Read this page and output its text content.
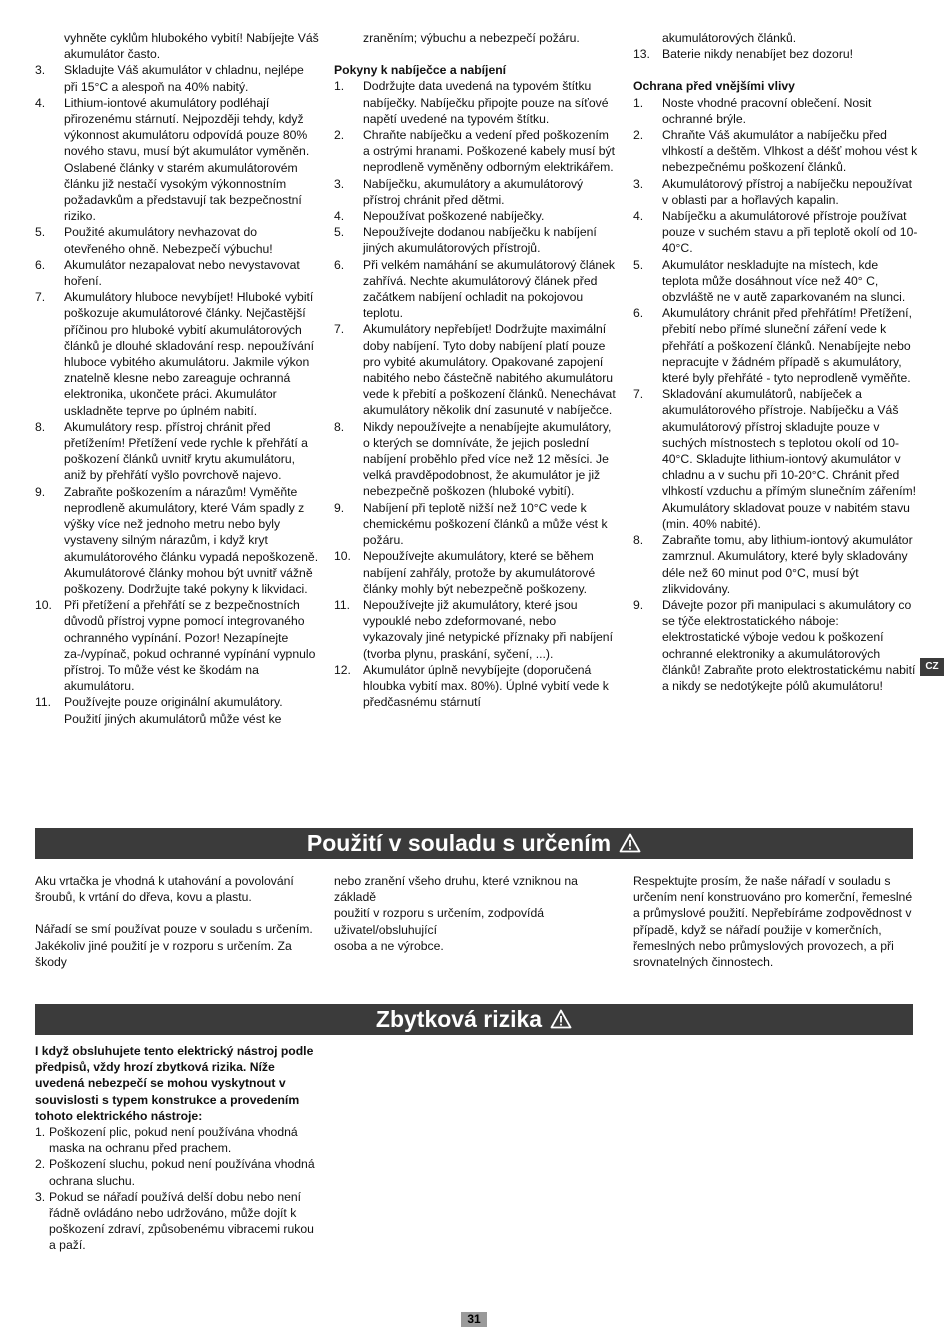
vyhněte cyklům hlubokého vybití! Nabíjejte Váš akumulátor často.
3. Skladujte Váš akumulátor v chladnu, nejlépe při 15°C a alespoň na 40% nabitý.
4. Lithium-iontové akumulátory podléhají přirozenému stárnutí. Nejpozději tehdy, když výkonnost akumulátoru odpovídá pouze 80% nového stavu, musí být akumulátor vyměněn. Oslabené články v starém akumulátorovém článku již nestačí vysokým výkonnostním požadavkům a představují tak bezpečnostní riziko.
5. Použité akumulátory nevhazovat do otevřeného ohně. Nebezpečí výbuchu!
6. Akumulátor nezapalovat nebo nevystavovat hoření.
7. Akumulátory hluboce nevybíjet! Hluboké vybití poškozuje akumulátorové články. Nejčastější příčinou pro hluboké vybití akumulátorových článků je dlouhé skladování resp. nepoužívání hluboce vybitého akumulátoru. Jakmile výkon znatelně klesne nebo zareaguje ochranná elektronika, ukončete práci. Akumulátor uskladněte teprve po úplném nabití.
8. Akumulátory resp. přístroj chránit před přetížením! Přetížení vede rychle k přehřátí a poškození článků uvnitř krytu akumulátoru, aniž by přehřátí vyšlo povrchově najevo.
9. Zabraňte poškozením a nárazům! Vyměňte neprodleně akumulátory, které Vám spadly z výšky více než jednoho metru nebo byly vystaveny silným nárazům, i když kryt akumulátorového článku vypadá nepoškozeně. Akumulátorové články mohou být uvnitř vážně poškozeny. Dodržujte také pokyny k likvidaci.
10. Při přetížení a přehřátí se z bezpečnostních důvodů přístroj vypne pomocí integrovaného ochranného vypínání. Pozor! Nezapínejte za-/vypínač, pokud ochranné vypínání vypnulo přístroj. To může vést ke škodám na akumulátoru.
11. Používejte pouze originální akumulátory. Použití jiných akumulátorů může vést ke
zraněním; výbuchu a nebezpečí požáru.
Pokyny k nabíječce a nabíjení
1. Dodržujte data uvedená na typovém štítku nabíječky. Nabíječku připojte pouze na síťové napětí uvedené na typovém štítku.
2. Chraňte nabíječku a vedení před poškozením a ostrými hranami. Poškozené kabely musí být neprodleně vyměněny odborným elektrikářem.
3. Nabíječku, akumulátory a akumulátorový přístroj chránit před dětmi.
4. Nepoužívat poškozené nabíječky.
5. Nepoužívejte dodanou nabíječku k nabíjení jiných akumulátorových přístrojů.
6. Při velkém namáhání se akumulátorový článek zahřívá. Nechte akumulátorový článek před začátkem nabíjení ochladit na pokojovou teplotu.
7. Akumulátory nepřebíjet! Dodržujte maximální doby nabíjení. Tyto doby nabíjení platí pouze pro vybité akumulátory. Opakované zapojení nabitého nebo částečně nabitého akumulátoru vede k přebití a poškození článků. Nenechávat akumulátory několik dní zasunuté v nabíječce.
8. Nikdy nepoužívejte a nenabíjejte akumulátory, o kterých se domníváte, že jejich poslední nabíjení proběhlo před více než 12 měsíci. Je velká pravděpodobnost, že akumulátor je již nebezpečně poškozen (hluboké vybití).
9. Nabíjení při teplotě nižší než 10°C vede k chemickému poškození článků a může vést k požáru.
10. Nepoužívejte akumulátory, které se během nabíjení zahřály, protože by akumulátorové články mohly být nebezpečně poškozeny.
11. Nepoužívejte již akumulátory, které jsou vypouklé nebo zdeformované, nebo vykazovaly jiné netypické příznaky při nabíjení (tvorba plynu, praskání, syčení, ...).
12. Akumulátor úplně nevybíjejte (doporučená hloubka vybití max. 80%). Úplné vybití vede k předčasnému stárnutí
akumulátorových článků.
13. Baterie nikdy nenabíjet bez dozoru!
Ochrana před vnějšími vlivy
1. Noste vhodné pracovní oblečení. Nosit ochranné brýle.
2. Chraňte Váš akumulátor a nabíječku před vlhkostí a deštěm. Vlhkost a déšť mohou vést k nebezpečnému poškození článků.
3. Akumulátorový přístroj a nabíječku nepoužívat v oblasti par a hořlavých kapalin.
4. Nabíječku a akumulátorové přístroje používat pouze v suchém stavu a při teplotě okolí od 10-40°C.
5. Akumulátor neskladujte na místech, kde teplota může dosáhnout více než 40° C, obzvláště ne v autě zaparkovaném na slunci.
6. Akumulátory chránit před přehřátím! Přetížení, přebití nebo přímé sluneční záření vede k přehřátí a poškození článků. Nenabíjejte nebo nepracujte v žádném případě s akumulátory, které byly přehřáté - tyto neprodleně vyměňte.
7. Skladování akumulátorů, nabíječek a akumulátorového přístroje. Nabíječku a Váš akumulátorový přístroj skladujte pouze v suchých místnostech s teplotou okolí od 10-40°C. Skladujte lithium-iontový akumulátor v chladnu a v suchu při 10-20°C. Chránit před vlhkostí vzduchu a přímým slunečním zářením! Akumulátory skladovat pouze v nabitém stavu (min. 40% nabité).
8. Zabraňte tomu, aby lithium-iontový akumulátor zamrznul. Akumulátory, které byly skladovány déle než 60 minut pod 0°C, musí být zlikvidovány.
9. Dávejte pozor při manipulaci s akumulátory co se týče elektrostatického náboje: elektrostatické výboje vedou k poškození ochranné elektroniky a akumulátorových článků! Zabraňte proto elektrostatickému nabití a nikdy se nedotýkejte pólů akumulátoru!
CZ
Použití v souladu s určením

Aku vrtačka je vhodná k utahování a povolování šroubů, k vrtání do dřeva, kovu a plastu.

Nářadí se smí používat pouze v souladu s určením.

Jakékoliv jiné použití je v rozporu s určením. Za škody

nebo zranění všeho druhu, které vzniknou na základě

použití v rozporu s určením, zodpovídá uživatel/obsluhující

osoba a ne výrobce.

Respektujte prosím, že naše nářadí v souladu s určením není konstruováno pro komerční, řemeslné a průmyslové použití. Nepřebíráme zodpovědnost v případě, když se nářadí použije v komerčních, řemeslných nebo průmyslových provozech, a při srovnatelných činnostech.

Zbytková rizika

I když obsluhujete tento elektrický nástroj podle předpisů, vždy hrozí zbytková rizika. Níže uvedená nebezpečí se mohou vyskytnout v souvislosti s typem konstrukce a provedením tohoto elektrického nástroje:

1. Poškození plic, pokud není používána vhodná maska na ochranu před prachem.
2. Poškození sluchu, pokud není používána vhodná ochrana sluchu.
3. Pokud se nářadí používá delší dobu nebo není řádně ovládáno nebo udržováno, může dojít k poškození zdraví, způsobenému vibracemi rukou a paží.
31
